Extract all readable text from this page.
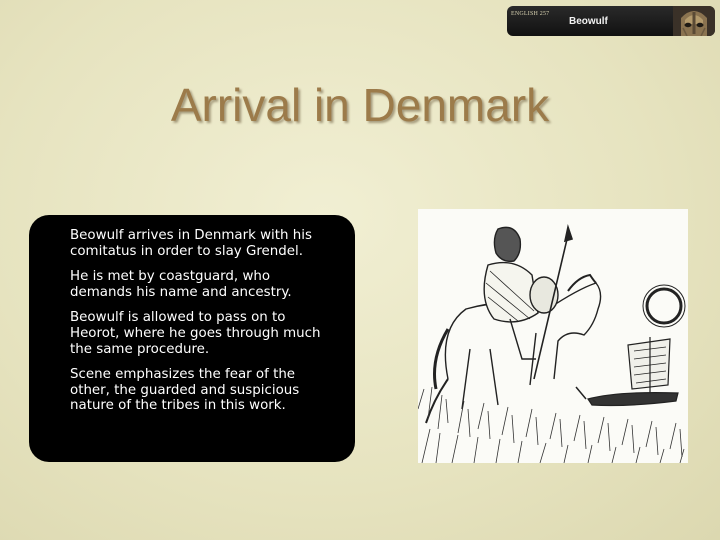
ENGLISH 257
Beowulf
Arrival in Denmark

Beowulf arrives in Denmark with his comitatus in order to slay Grendel.

He is met by coastguard, who demands his name and ancestry.

Beowulf is allowed to pass on to Heorot, where he goes through much the same procedure.

Scene emphasizes the fear of the other, the guarded and suspicious nature of the tribes in this work.
